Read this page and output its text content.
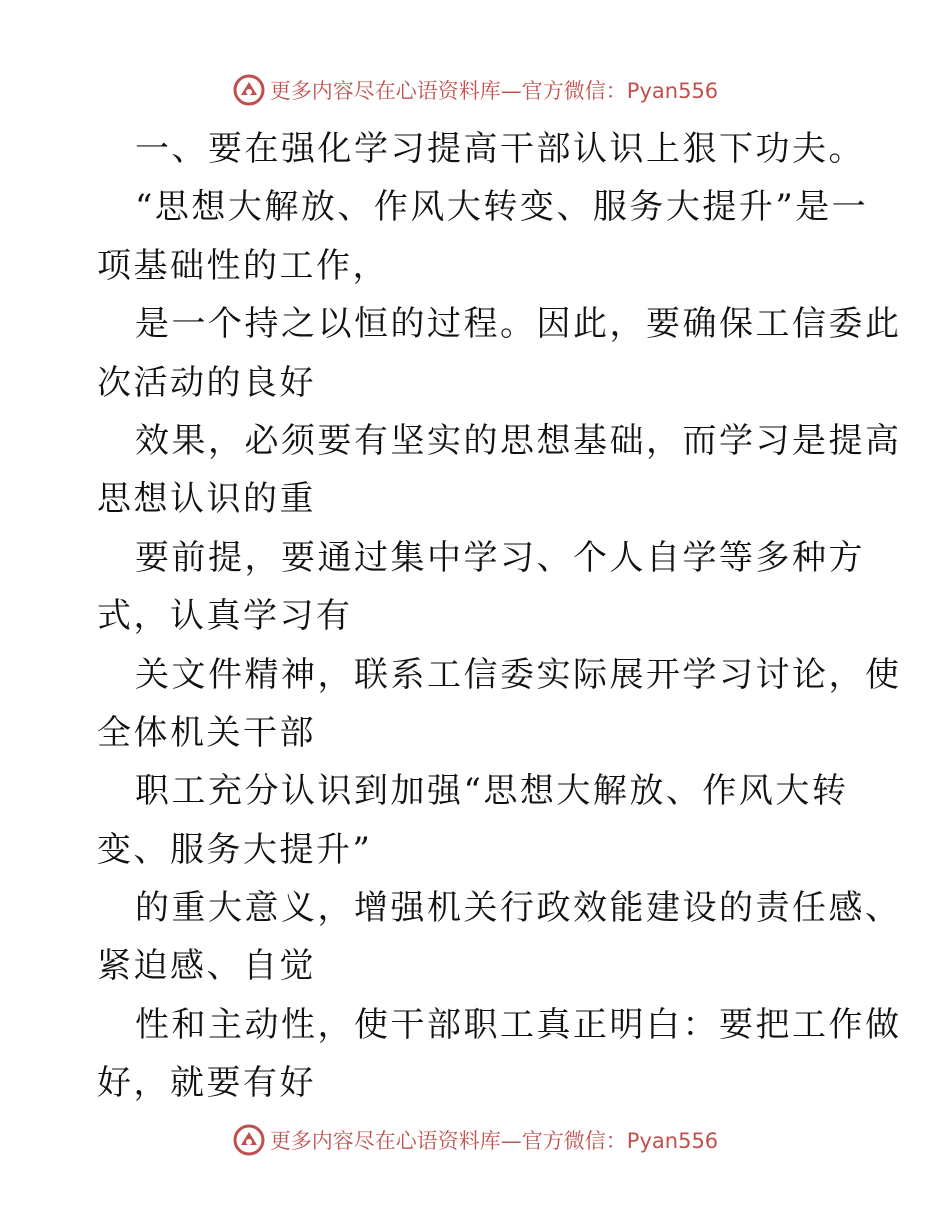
更多内容尽在心语资料库—官方微信：Pyan556
一、要在强化学习提高干部认识上狠下功夫。
“思想大解放、作风大转变、服务大提升”是一
项基础性的工作，
是一个持之以恒的过程。因此，要确保工信委此
次活动的良好
效果，必须要有坚实的思想基础，而学习是提高
思想认识的重
要前提，要通过集中学习、个人自学等多种方
式，认真学习有
关文件精神，联系工信委实际展开学习讨论，使
全体机关干部
职工充分认识到加强“思想大解放、作风大转
变、服务大提升”
的重大意义，增强机关行政效能建设的责任感、
紧迫感、自觉
性和主动性，使干部职工真正明白：要把工作做
好，就要有好
更多内容尽在心语资料库—官方微信：Pyan556
